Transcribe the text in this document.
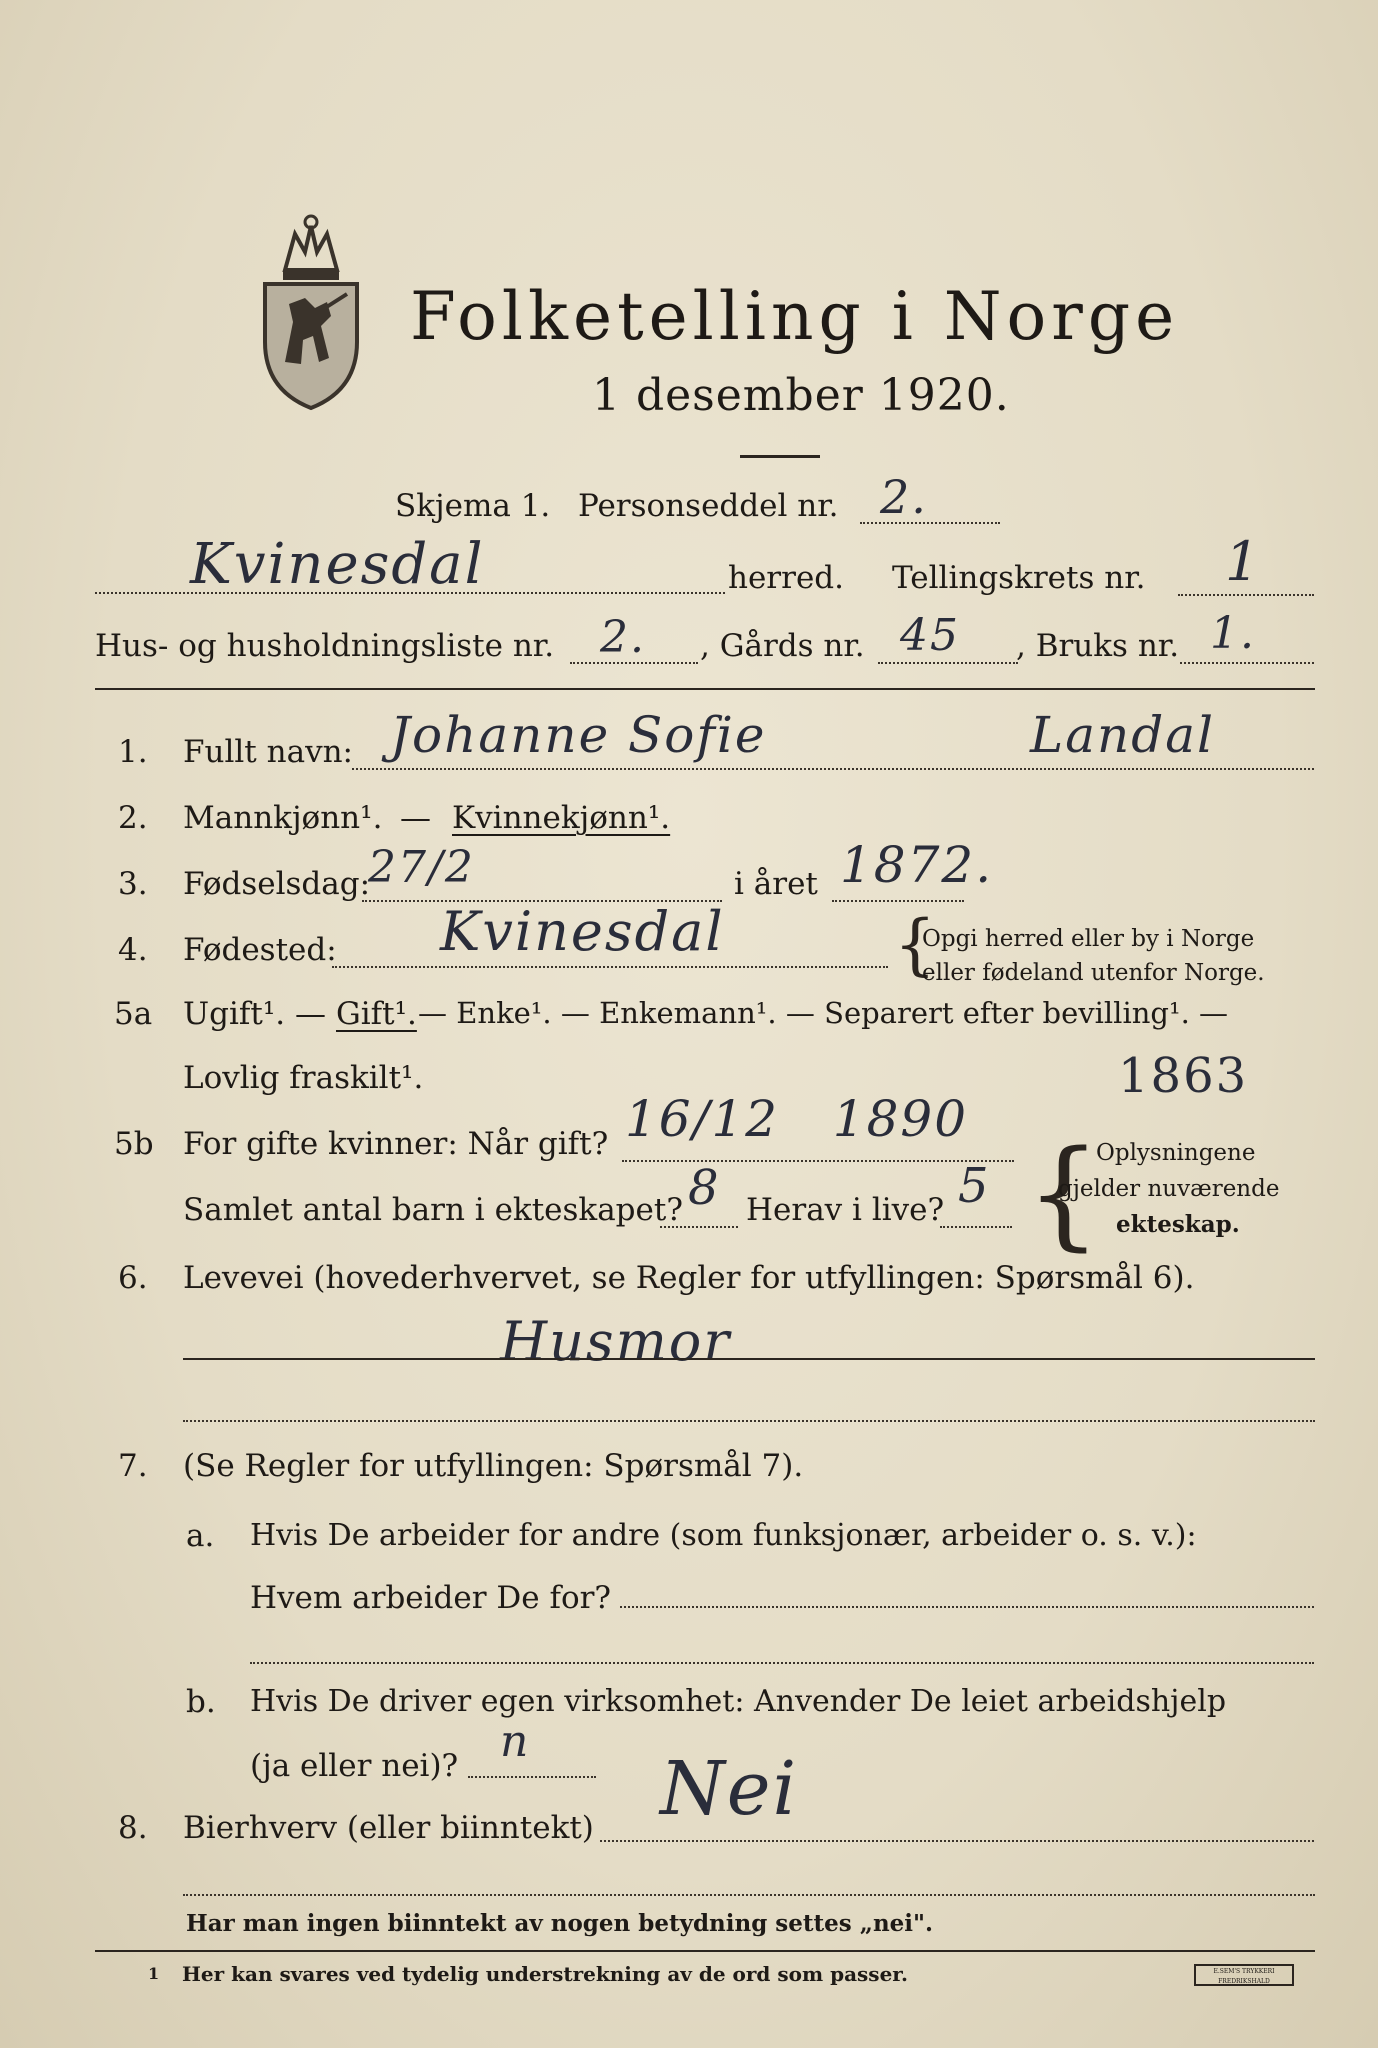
Folketelling i Norge
1 desember 1920.
Skjema 1. Personseddel nr. 2.
Kvinesdal	herred. Tellingskrets nr. 1
Hus- og husholdningsliste nr. 2. , Gårds nr. 45 , Bruks nr. 1.
1. Fullt navn: Johanne Sofie	Landal
2. Mannkjønn¹. — Kvinnekjønn¹.
3. Fødselsdag:
27/2	i året 1872.
4. Fødested: Kvinesdal	{
Opgi herred eller by i Norge
eller fødeland utenfor Norge.
5a Ugift¹. — Gift¹. — Enke¹. — Enkemann¹. — Separert efter bevilling¹. —
Lovlig fraskilt¹.	1863
5b For gifte kvinner: Når gift? 16/12   1890
Samlet antal barn i ekteskapet? 8 Herav i live? 5 {
Oplysningene
gjelder nuværende
ekteskap.
6. Levevei (hovederhvervet, se Regler for utfyllingen: Spørsmål 6).
Husmor
7. (Se Regler for utfyllingen: Spørsmål 7).
a. Hvis De arbeider for andre (som funksjonær, arbeider o. s. v.):
Hvem arbeider De for?
b. Hvis De driver egen virksomhet: Anvender De leiet arbeidshjelp
(ja eller nei)? n
8. Bierhverv (eller biinntekt) Nei
Har man ingen biinntekt av nogen betydning settes „nei".
1 Her kan svares ved tydelig understrekning av de ord som passer.	E.SEM'S TRYKKERI FREDRIKSHALD
